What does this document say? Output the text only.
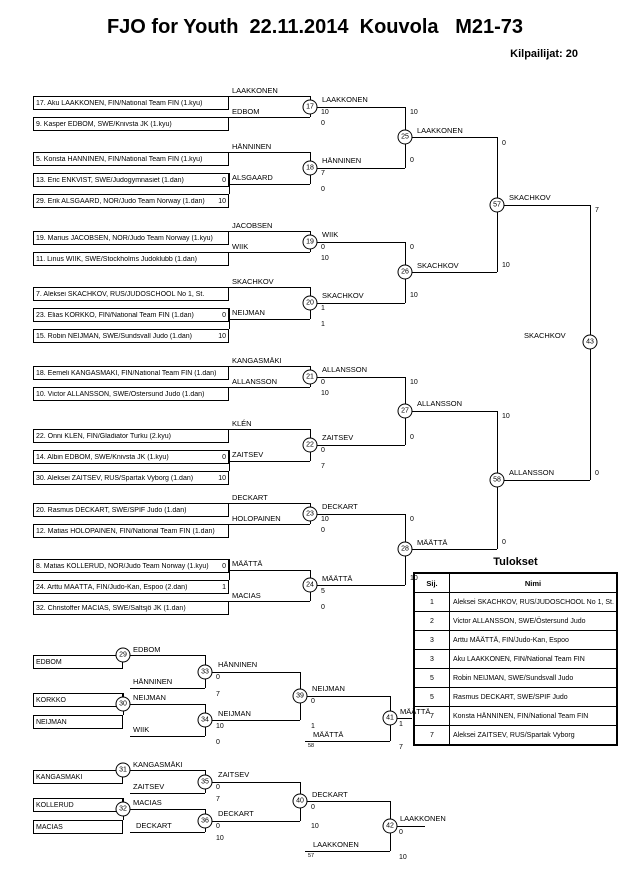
FJO for Youth  22.11.2014  Kouvola   M21-73
Kilpailijat: 20
Tulokset
Sij.	Nimi
1	Aleksei SKACHKOV, RUS/JUDOSCHOOL No 1, St.
2	Victor ALLANSSON, SWE/Östersund Judo
3	Arttu MÄÄTTÄ, FIN/Judo-Kan, Espoo
3	Aku LAAKKONEN, FIN/National Team FIN
5	Robin NEIJMAN, SWE/Sundsvall Judo
5	Rasmus DECKART, SWE/SPIF Judo
7	Konsta HÄNNINEN, FIN/National Team FIN
7	Aleksei ZAITSEV, RUS/Spartak Vyborg
17. Aku LAAKKONEN, FIN/National Team FIN (1.kyu)
9. Kasper EDBOM, SWE/Knivsta JK (1.kyu)
5. Konsta HÄNNINEN, FIN/National Team FIN (1.kyu)
13. Eric ENKVIST, SWE/Judogymnasiet (1.dan)	0
29. Erik ALSGAARD, NOR/Judo Team Norway (1.dan)	10
19. Marius JACOBSEN, NOR/Judo Team Norway (1.kyu)
11. Linus WIIK, SWE/Stockholms Judoklubb (1.dan)
7. Aleksei SKACHKOV, RUS/JUDOSCHOOL No 1, St.
23. Elias KÖRKKÖ, FIN/National Team FIN (1.dan)	0
15. Robin NEIJMAN, SWE/Sundsvall Judo (1.dan)	10
18. Eemeli KANGASMÄKI, FIN/National Team FIN (1.dan)
10. Victor ALLANSSON, SWE/Östersund Judo (1.dan)
22. Onni KLÉN, FIN/Gladiator Turku (2.kyu)
14. Albin EDBOM, SWE/Knivsta JK (1.kyu)	0
30. Aleksei ZAITSEV, RUS/Spartak Vyborg (1.dan)	10
20. Rasmus DECKART, SWE/SPIF Judo (1.dan)
12. Matias HOLOPAINEN, FIN/National Team FIN (1.dan)
8. Matias KOLLERUD, NOR/Judo Team Norway (1.kyu)	0
24. Arttu MÄÄTTÄ, FIN/Judo-Kan, Espoo (2.dan)	1
32. Christoffer MACIAS, SWE/Saltsjö JK (1.dan)
LAAKKONEN
EDBOM
HÄNNINEN
JACOBSEN
WIIK
SKACHKOV
KANGASMÄKI
ALLANSSON
KLÉN
DECKART
HOLOPAINEN
MACIAS
ALSGAARD
NEIJMAN
ZAITSEV
MÄÄTTÄ
LAAKKONEN
10
0
HÄNNINEN
7
0
WIIK
0
10
SKACHKOV
1
1
ALLANSSON
0
10
ZAITSEV
0
7
DECKART
10
0
MÄÄTTÄ
5
0
LAAKKONEN
10
0
SKACHKOV
0
10
ALLANSSON
10
0
MÄÄTTÄ
0
10
SKACHKOV
0
10
ALLANSSON
10
0
SKACHKOV
7
0
17
18
19
20
21
22
23
24
25
26
27
28
57
58
43
EDBOM
KÖRKKÖ
NEIJMAN
KANGASMÄKI
KOLLERUD
MACIAS
EDBOM
NEIJMAN
KANGASMÄKI
MACIAS
HÄNNINEN
WIIK
ZAITSEV
DECKART
MÄÄTTÄ
58
LAAKKONEN
57
HÄNNINEN
0
7
NEIJMAN
10
0
ZAITSEV
0
7
DECKART
0
10
NEIJMAN
0
1
DECKART
0
10
MÄÄTTÄ
1
7
LAAKKONEN
0
10
29
30
31
32
33
34
35
36
39
40
41
42
